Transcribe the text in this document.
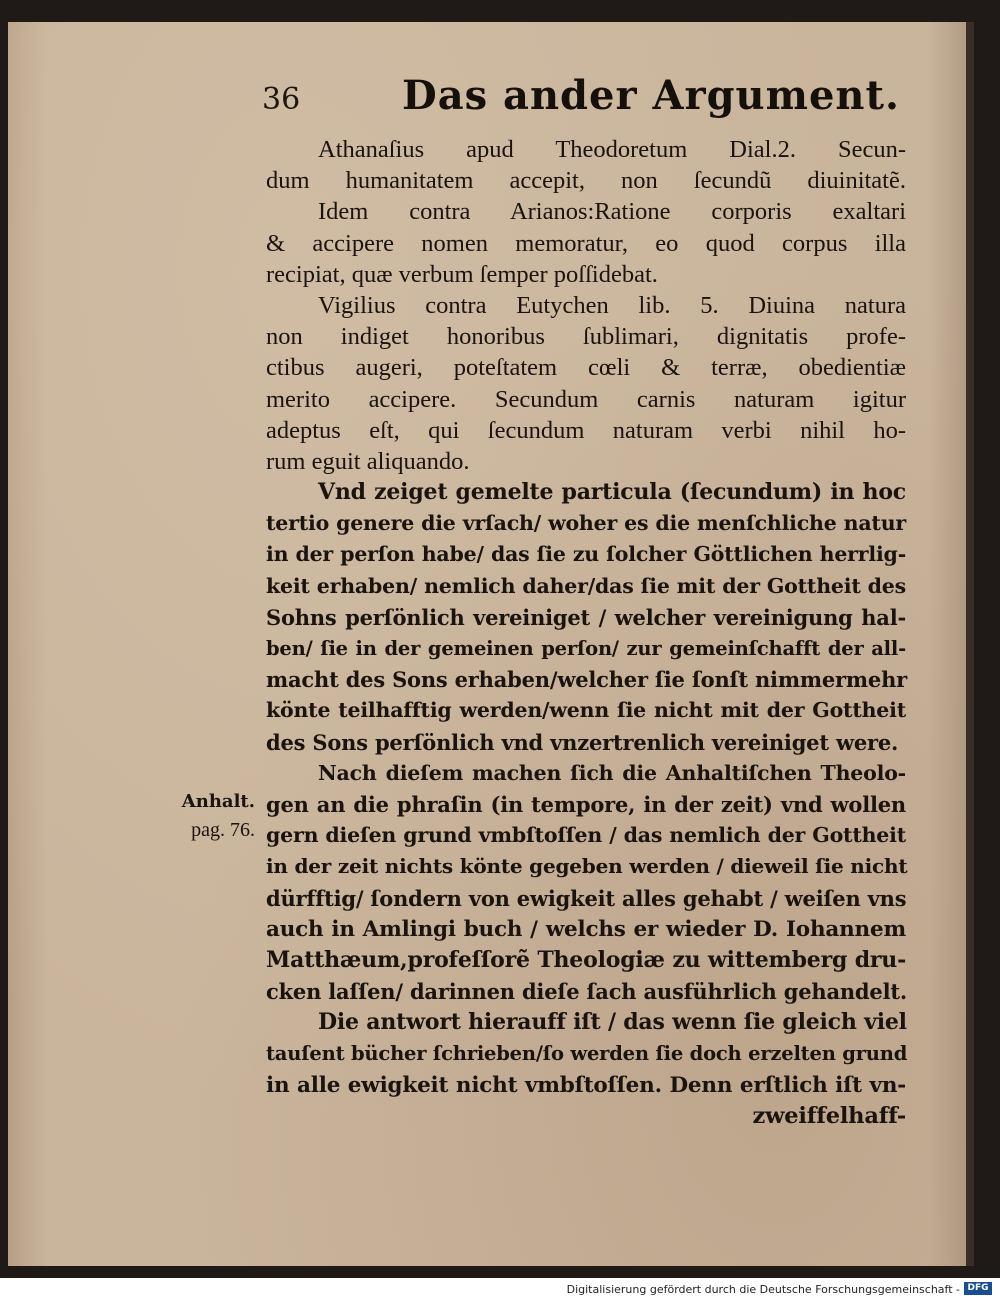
36	Das ander Argument.
Athanaſius apud Theodoretum Dial.2. Secun-
dum humanitatem accepit, non ſecundũ diuinitatẽ.
Idem contra Arianos:Ratione corporis exaltari
& accipere nomen memoratur, eo quod corpus illa
recipiat, quæ verbum ſemper poſſidebat.
Vigilius contra Eutychen lib. 5. Diuina natura
non indiget honoribus ſublimari, dignitatis profe-
ctibus augeri, poteſtatem cœli & terræ, obedientiæ
merito accipere. Secundum carnis naturam igitur
adeptus eſt, qui ſecundum naturam verbi nihil ho-
rum eguit aliquando.
Vnd zeiget gemelte particula (ſecundum) in hoc
tertio genere die vrſach/ woher es die menſchliche natur
in der perſon habe/ das ſie zu ſolcher Göttlichen herrlig-
keit erhaben/ nemlich daher/das ſie mit der Gottheit des
Sohns perſönlich vereiniget / welcher vereinigung hal-
ben/ ſie in der gemeinen perſon/ zur gemeinſchafft der all-
macht des Sons erhaben/welcher ſie ſonſt nimmermehr
könte teilhafftig werden/wenn ſie nicht mit der Gottheit
des Sons perſönlich vnd vnzertrenlich vereiniget were.
Nach dieſem machen ſich die Anhaltiſchen Theolo-
gen an die phraſin (in tempore, in der zeit) vnd wollen
gern dieſen grund vmbſtoſſen / das nemlich der Gottheit
in der zeit nichts könte gegeben werden / dieweil ſie nicht
dürfftig/ ſondern von ewigkeit alles gehabt / weiſen vns
auch in Amlingi buch / welchs er wieder D. Iohannem
Matthæum,profeſſorẽ Theologiæ zu wittemberg dru-
cken laſſen/ darinnen dieſe ſach ausführlich gehandelt.
Die antwort hierauff iſt / das wenn ſie gleich viel
tauſent bücher ſchrieben/ſo werden ſie doch erzelten grund
in alle ewigkeit nicht vmbſtoſſen. Denn erſtlich iſt vn-
zweiffelhaff-
Anhalt.
pag. 76.
Digitalisierung gefördert durch die Deutsche Forschungsgemeinschaft - DFG
